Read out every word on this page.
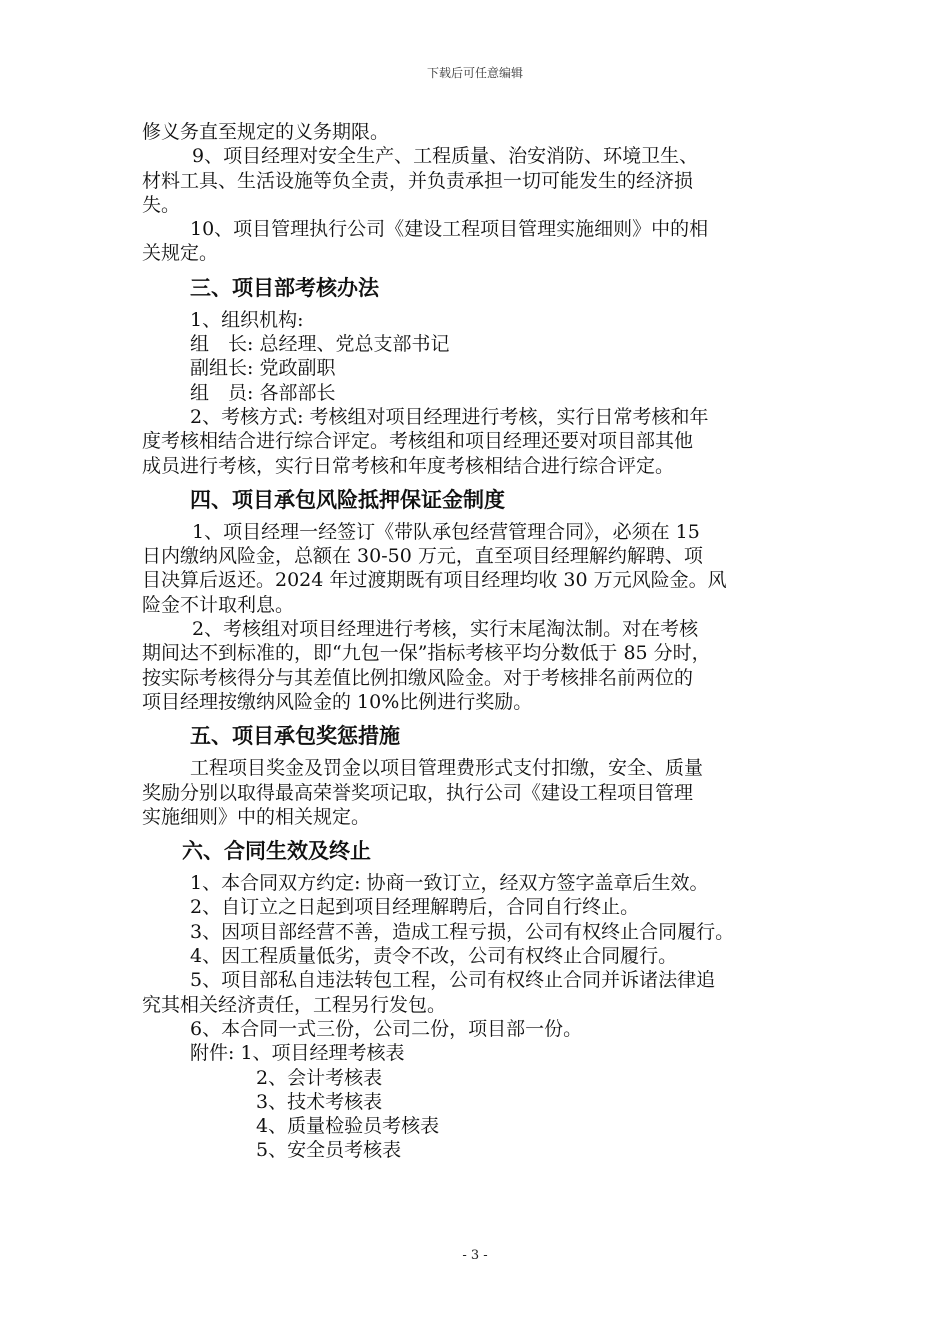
下载后可任意编辑

修义务直至规定的义务期限。

9、项目经理对安全生产、工程质量、治安消防、环境卫生、

材料工具、生活设施等负全责，并负责承担一切可能发生的经济损

失。

10、项目管理执行公司《建设工程项目管理实施细则》中的相

关规定。

三、项目部考核办法

1、组织机构:

组　长: 总经理、党总支部书记

副组长: 党政副职

组　员: 各部部长

2、考核方式: 考核组对项目经理进行考核，实行日常考核和年

度考核相结合进行综合评定。考核组和项目经理还要对项目部其他

成员进行考核，实行日常考核和年度考核相结合进行综合评定。

四、项目承包风险抵押保证金制度

1、项目经理一经签订《带队承包经营管理合同》，必须在 15

日内缴纳风险金，总额在 30-50 万元，直至项目经理解约解聘、项

目决算后返还。2024 年过渡期既有项目经理均收 30 万元风险金。风

险金不计取利息。

2、考核组对项目经理进行考核，实行末尾淘汰制。对在考核

期间达不到标准的，即“九包一保”指标考核平均分数低于 85 分时，

按实际考核得分与其差值比例扣缴风险金。对于考核排名前两位的

项目经理按缴纳风险金的 10%比例进行奖励。

五、项目承包奖惩措施

工程项目奖金及罚金以项目管理费形式支付扣缴，安全、质量

奖励分别以取得最高荣誉奖项记取，执行公司《建设工程项目管理

实施细则》中的相关规定。

六、合同生效及终止

1、本合同双方约定: 协商一致订立，经双方签字盖章后生效。

2、自订立之日起到项目经理解聘后，合同自行终止。

3、因项目部经营不善，造成工程亏损，公司有权终止合同履行。

4、因工程质量低劣，责令不改，公司有权终止合同履行。

5、项目部私自违法转包工程，公司有权终止合同并诉诸法律追

究其相关经济责任，工程另行发包。

6、本合同一式三份，公司二份，项目部一份。

附件: 1、项目经理考核表

2、会计考核表

3、技术考核表

4、质量检验员考核表

5、安全员考核表

- 3 -
